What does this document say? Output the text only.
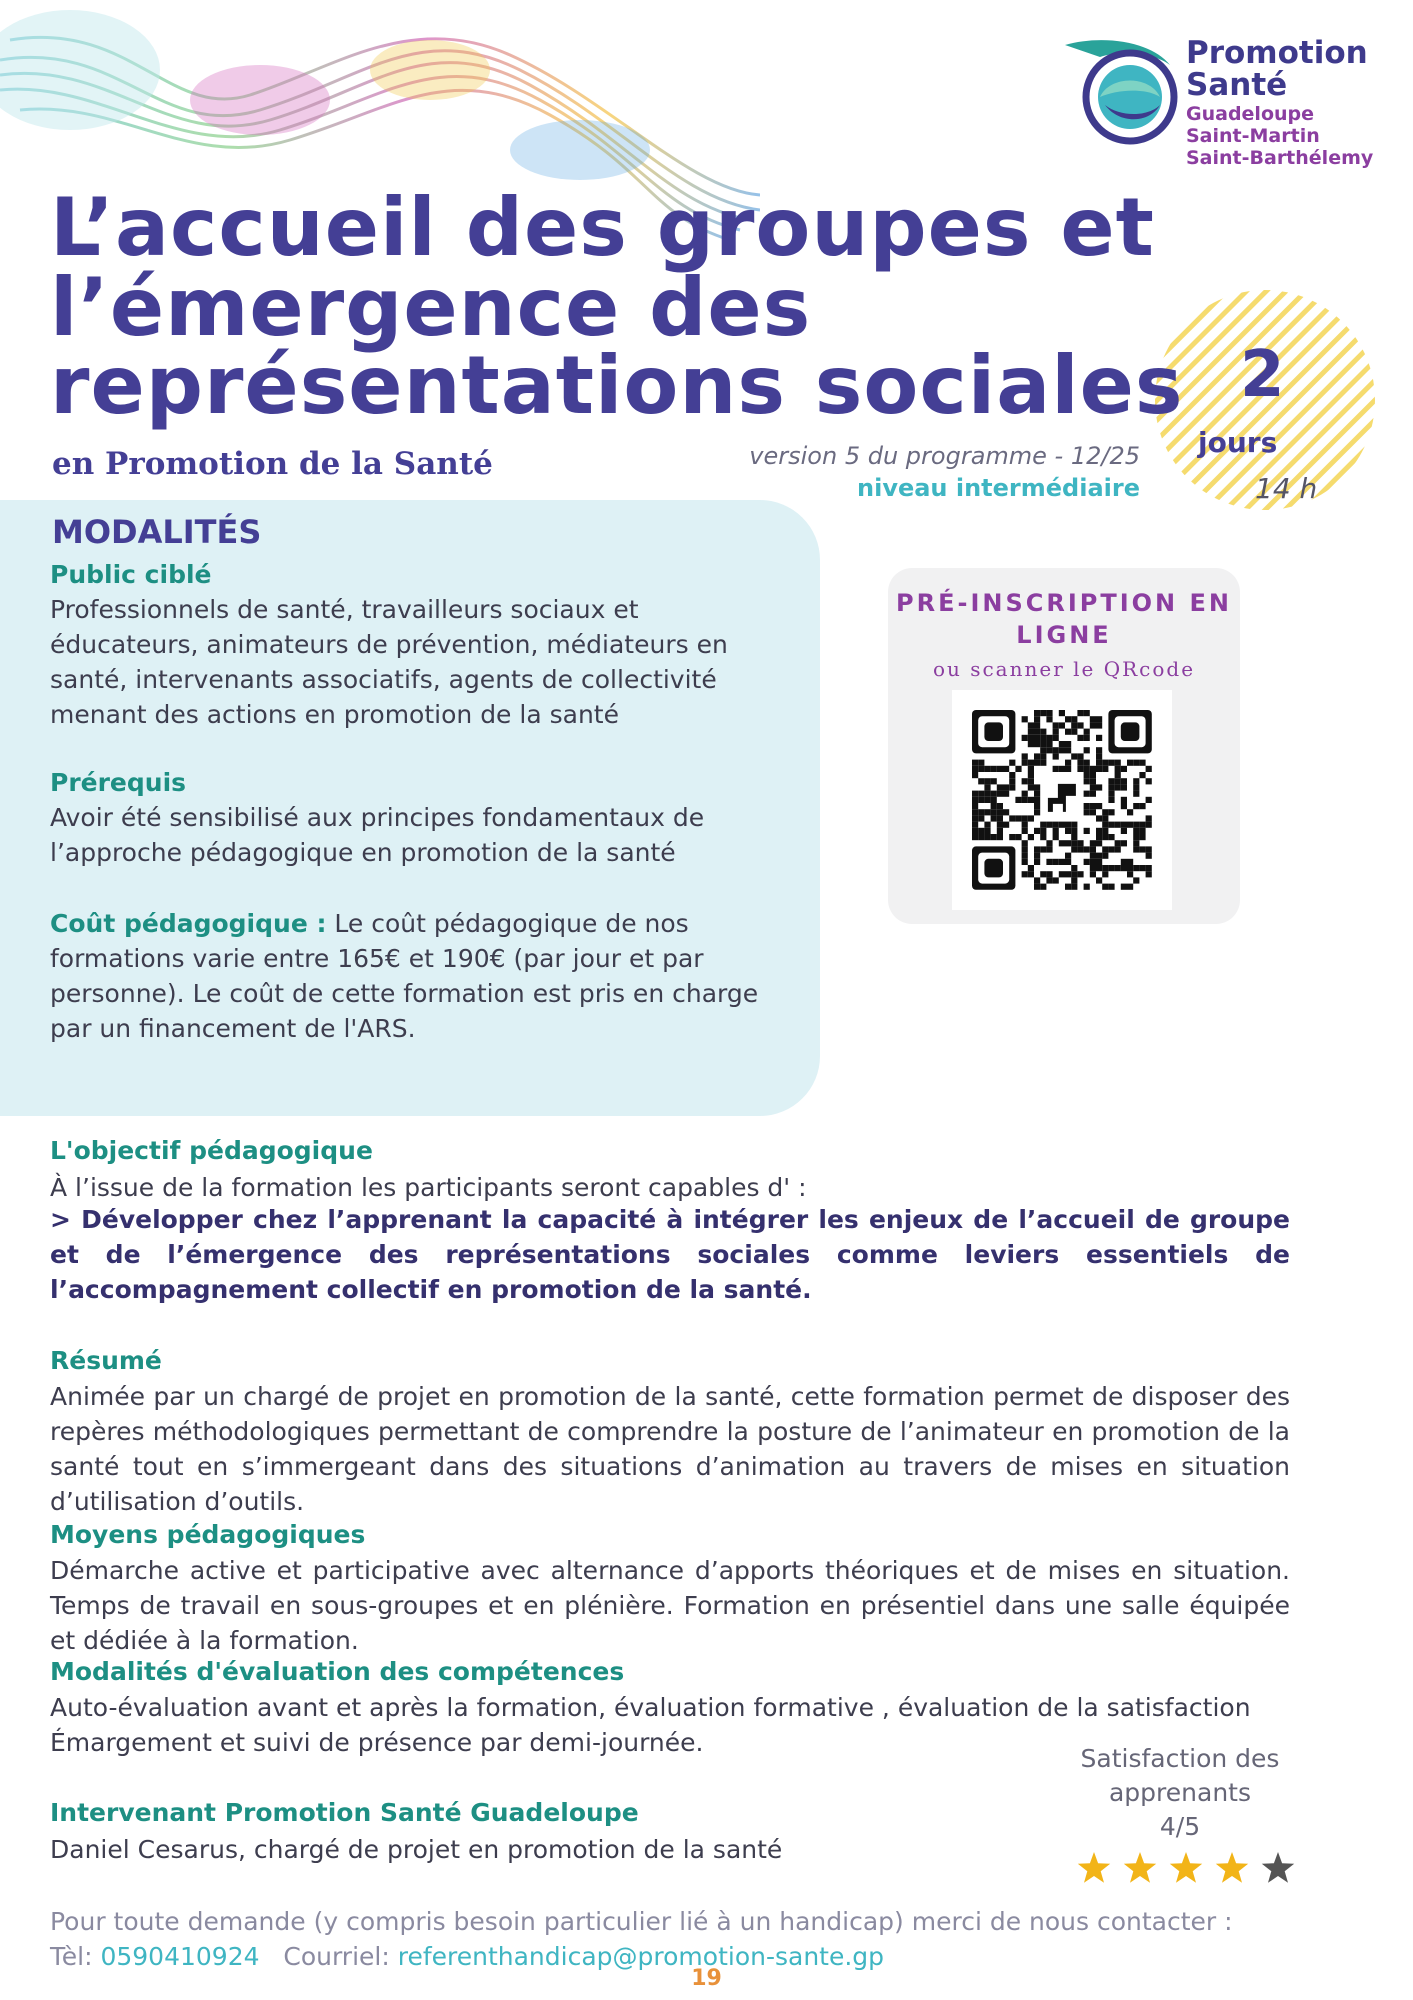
Promotion
Santé
Guadeloupe
Saint-Martin
Saint-Barthélemy
L’accueil des groupes et
l’émergence des
représentations sociales
en Promotion de la Santé	version 5 du programme - 12/25
niveau intermédiaire
2
jours
14 h
MODALITÉS
Public ciblé
Professionnels de santé, travailleurs sociaux et éducateurs, animateurs de prévention, médiateurs en santé, intervenants associatifs, agents de collectivité menant des actions en promotion de la santé
Prérequis
Avoir été sensibilisé aux principes fondamentaux de l’approche pédagogique en promotion de la santé
Coût pédagogique : Le coût pédagogique de nos formations varie entre 165€ et 190€ (par jour et par personne). Le coût de cette formation est pris en charge par un financement de l'ARS.
PRÉ-INSCRIPTION EN LIGNE
ou scanner le QRcode
L'objectif pédagogique
À l’issue de la formation les participants seront capables d' :
> Développer chez l’apprenant la capacité à intégrer les enjeux de l’accueil de groupe et de l’émergence des représentations sociales comme leviers essentiels de l’accompagnement collectif en promotion de la santé.
Résumé
Animée par un chargé de projet en promotion de la santé, cette formation permet de disposer des repères méthodologiques permettant de comprendre la posture de l’animateur en promotion de la santé tout en s’immergeant dans des situations d’animation au travers de mises en situation d’utilisation d’outils.
Moyens pédagogiques
Démarche active et participative avec alternance d’apports théoriques et de mises en situation. Temps de travail en sous-groupes et en plénière. Formation en présentiel dans une salle équipée et dédiée à la formation.
Modalités d'évaluation des compétences
Auto-évaluation avant et après la formation, évaluation formative , évaluation de la satisfaction
Émargement et suivi de présence par demi-journée.
Intervenant Promotion Santé Guadeloupe
Daniel Cesarus, chargé de projet en promotion de la santé
Satisfaction des
apprenants
4/5
Pour toute demande (y compris besoin particulier lié à un handicap) merci de nous contacter :
Tèl: 0590410924 Courriel: referenthandicap@promotion-sante.gp
19
